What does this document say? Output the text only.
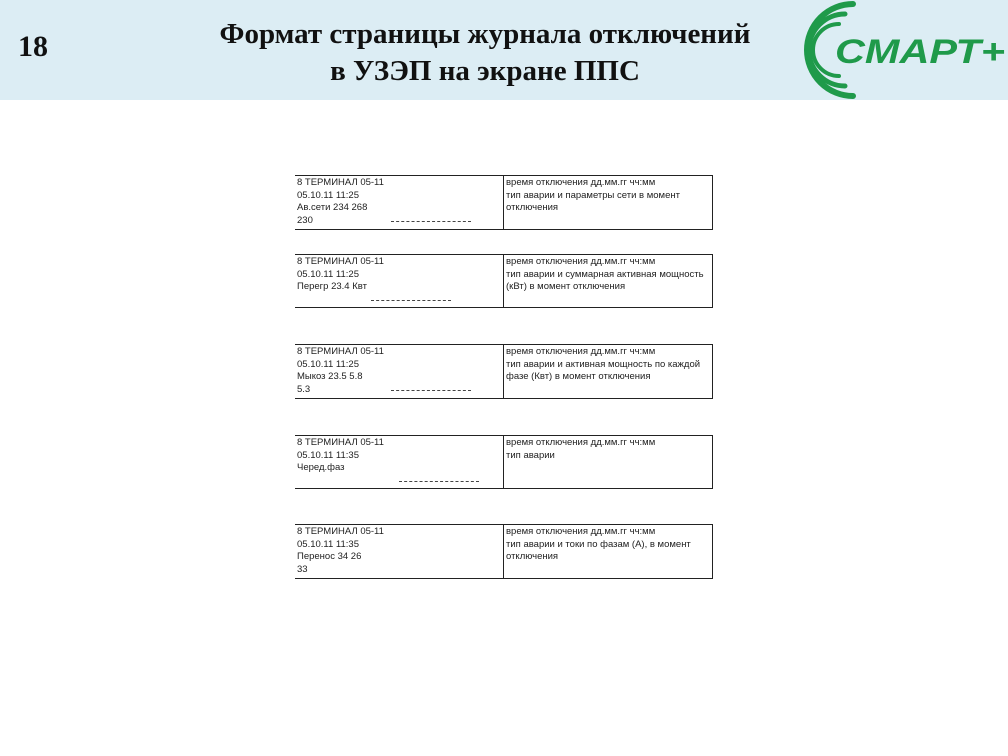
18	Формат страницы журнала отключений
в УЗЭП на экране ППС	СМАРТ+
8 ТЕРМИНАЛ 05-11
05.10.11 11:25
Ав.сети 234 268
230
время отключения дд.мм.гг чч:мм
тип аварии и параметры сети в момент
отключения
8 ТЕРМИНАЛ 05-11
05.10.11 11:25
Перегр 23.4 Квт
время отключения дд.мм.гг чч:мм
тип аварии и суммарная активная мощность
(кВт) в момент отключения
8 ТЕРМИНАЛ 05-11
05.10.11 11:25
Мыкоз 23.5 5.8
5.3
время отключения дд.мм.гг чч:мм
тип аварии и активная мощность по каждой
фазе (Квт) в момент отключения
8 ТЕРМИНАЛ 05-11
05.10.11 11:35
Черед.фаз
время отключения дд.мм.гг чч:мм
тип аварии
8 ТЕРМИНАЛ 05-11
05.10.11 11:35
Перенос 34 26
33
время отключения дд.мм.гг чч:мм
тип аварии и токи по фазам (А), в момент
отключения
